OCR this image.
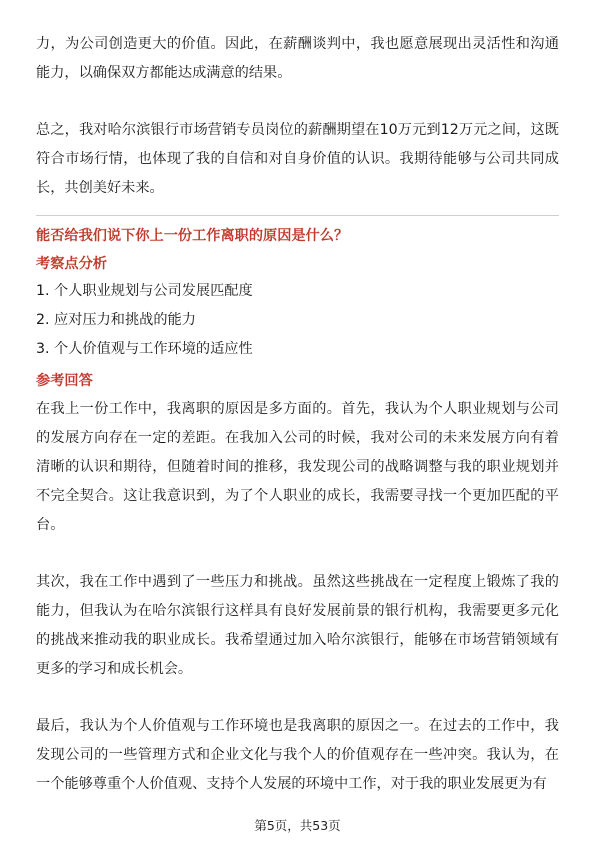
力，为公司创造更大的价值。因此，在薪酬谈判中，我也愿意展现出灵活性和沟通能力，以确保双方都能达成满意的结果。

总之，我对哈尔滨银行市场营销专员岗位的薪酬期望在10万元到12万元之间，这既符合市场行情，也体现了我的自信和对自身价值的认识。我期待能够与公司共同成长，共创美好未来。

能否给我们说下你上一份工作离职的原因是什么？

考察点分析

1. 个人职业规划与公司发展匹配度

2. 应对压力和挑战的能力

3. 个人价值观与工作环境的适应性

参考回答

在我上一份工作中，我离职的原因是多方面的。首先，我认为个人职业规划与公司的发展方向存在一定的差距。在我加入公司的时候，我对公司的未来发展方向有着清晰的认识和期待，但随着时间的推移，我发现公司的战略调整与我的职业规划并不完全契合。这让我意识到，为了个人职业的成长，我需要寻找一个更加匹配的平台。

其次，我在工作中遇到了一些压力和挑战。虽然这些挑战在一定程度上锻炼了我的能力，但我认为在哈尔滨银行这样具有良好发展前景的银行机构，我需要更多元化的挑战来推动我的职业成长。我希望通过加入哈尔滨银行，能够在市场营销领域有更多的学习和成长机会。

最后，我认为个人价值观与工作环境也是我离职的原因之一。在过去的工作中，我发现公司的一些管理方式和企业文化与我个人的价值观存在一些冲突。我认为，在一个能够尊重个人价值观、支持个人发展的环境中工作，对于我的职业发展更为有

第5页，共53页
